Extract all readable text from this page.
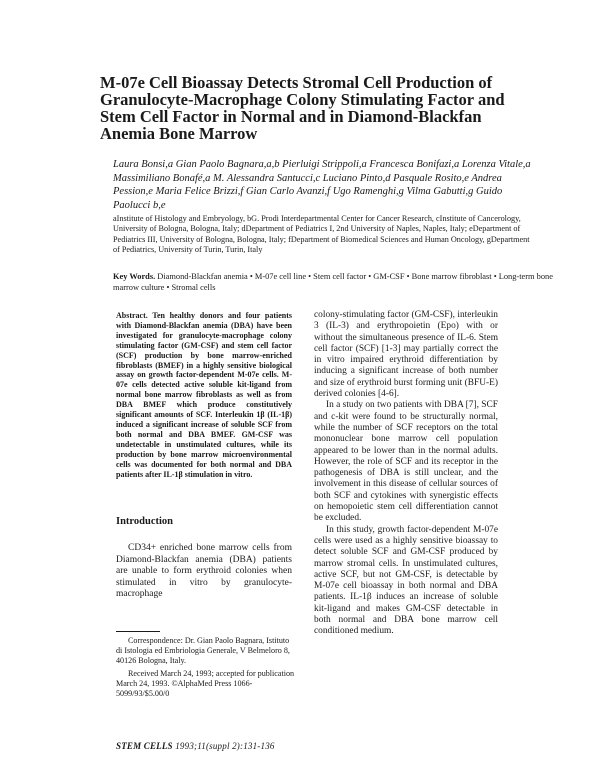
M-07e Cell Bioassay Detects Stromal Cell Production of Granulocyte-Macrophage Colony Stimulating Factor and Stem Cell Factor in Normal and in Diamond-Blackfan Anemia Bone Marrow
Laura Bonsi,a Gian Paolo Bagnara,a,b Pierluigi Strippoli,a Francesca Bonifazi,a Lorenza Vitale,a Massimiliano Bonafé,a M. Alessandra Santucci,c Luciano Pinto,d Pasquale Rosito,e Andrea Pession,e Maria Felice Brizzi,f Gian Carlo Avanzi,f Ugo Ramenghi,g Vilma Gabutti,g Guido Paolucci b,e
aInstitute of Histology and Embryology, bG. Prodi Interdepartmental Center for Cancer Research, cInstitute of Cancerology, University of Bologna, Bologna, Italy; dDepartment of Pediatrics I, 2nd University of Naples, Naples, Italy; eDepartment of Pediatrics III, University of Bologna, Bologna, Italy; fDepartment of Biomedical Sciences and Human Oncology, gDepartment of Pediatrics, University of Turin, Turin, Italy
Key Words. Diamond-Blackfan anemia • M-07e cell line • Stem cell factor • GM-CSF • Bone marrow fibroblast • Long-term bone marrow culture • Stromal cells
Abstract. Ten healthy donors and four patients with Diamond-Blackfan anemia (DBA) have been investigated for granulocyte-macrophage colony stimulating factor (GM-CSF) and stem cell factor (SCF) production by bone marrow-enriched fibroblasts (BMEF) in a highly sensitive biological assay on growth factor-dependent M-07e cells. M-07e cells detected active soluble kit-ligand from normal bone marrow fibroblasts as well as from DBA BMEF which produce constitutively significant amounts of SCF. Interleukin 1β (IL-1β) induced a significant increase of soluble SCF from both normal and DBA BMEF. GM-CSF was undetectable in unstimulated cultures, while its production by bone marrow microenvironmental cells was documented for both normal and DBA patients after IL-1β stimulation in vitro.
Introduction
CD34+ enriched bone marrow cells from Diamond-Blackfan anemia (DBA) patients are unable to form erythroid colonies when stimulated in vitro by granulocyte-macrophage

Correspondence: Dr. Gian Paolo Bagnara, Istituto di Istologia ed Embriologia Generale, V Belmeloro 8, 40126 Bologna, Italy.

Received March 24, 1993; accepted for publication March 24, 1993. ©AlphaMed Press 1066-5099/93/$5.00/0

colony-stimulating factor (GM-CSF), interleukin 3 (IL-3) and erythropoietin (Epo) with or without the simultaneous presence of IL-6. Stem cell factor (SCF) [1-3] may partially correct the in vitro impaired erythroid differentiation by inducing a significant increase of both number and size of erythroid burst forming unit (BFU-E) derived colonies [4-6].

In a study on two patients with DBA [7], SCF and c-kit were found to be structurally normal, while the number of SCF receptors on the total mononuclear bone marrow cell population appeared to be lower than in the normal adults. However, the role of SCF and its receptor in the pathogenesis of DBA is still unclear, and the involvement in this disease of cellular sources of both SCF and cytokines with synergistic effects on hemopoietic stem cell differentiation cannot be excluded.

In this study, growth factor-dependent M-07e cells were used as a highly sensitive bioassay to detect soluble SCF and GM-CSF produced by marrow stromal cells. In unstimulated cultures, active SCF, but not GM-CSF, is detectable by M-07e cell bioassay in both normal and DBA patients. IL-1β induces an increase of soluble kit-ligand and makes GM-CSF detectable in both normal and DBA bone marrow cell conditioned medium.

STEM CELLS 1993;11(suppl 2):131-136
